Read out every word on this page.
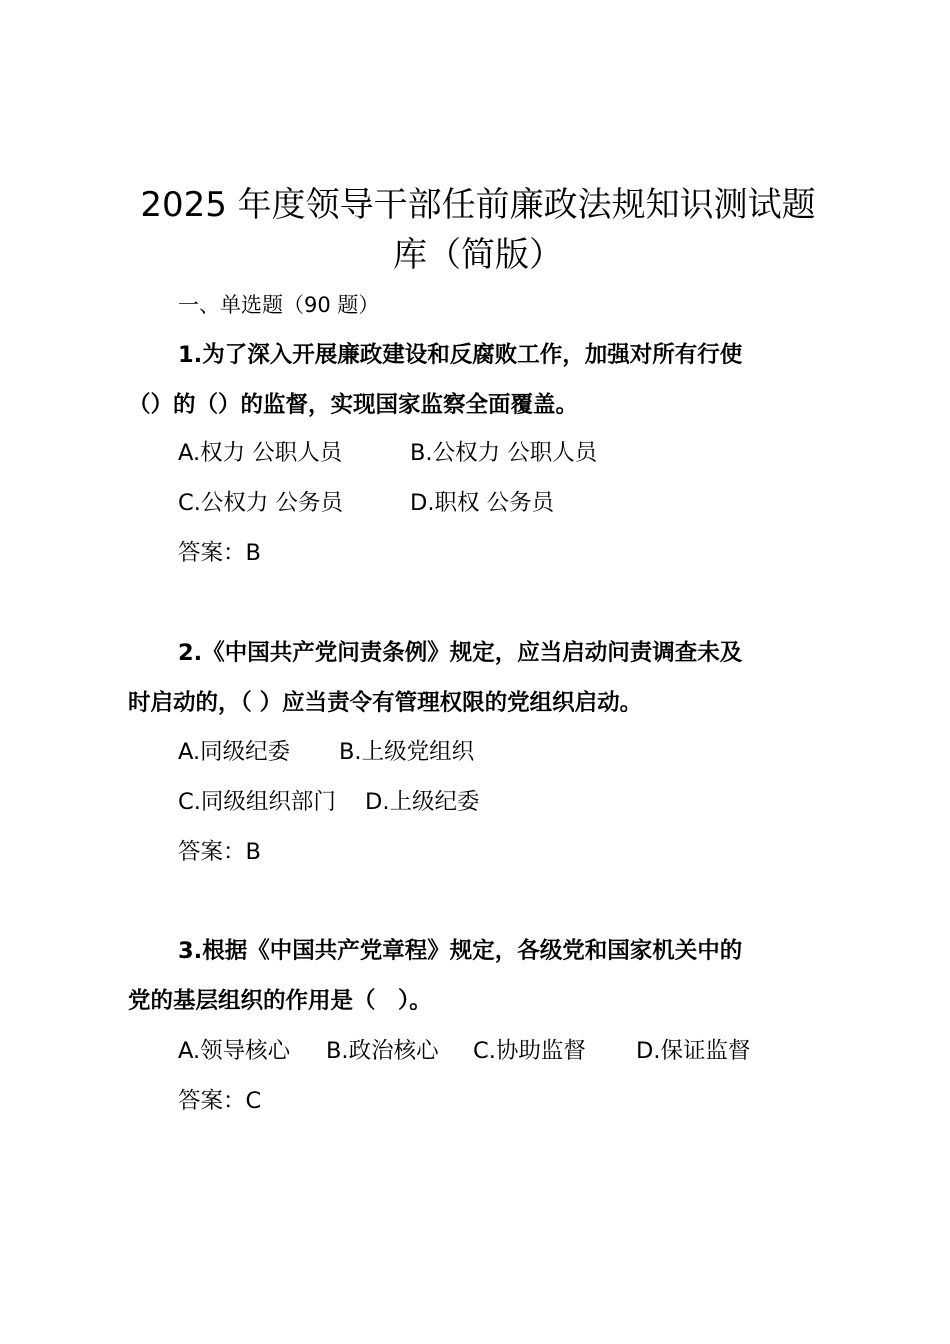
2025 年度领导干部任前廉政法规知识测试题
库（简版）
一、单选题（90 题）
1.为了深入开展廉政建设和反腐败工作，加强对所有行使
（）的（）的监督，实现国家监察全面覆盖。
A.权力 公职人员	B.公权力 公职人员
C.公权力 公务员	D.职权 公务员
答案：B
2.《中国共产党问责条例》规定，应当启动问责调查未及
时启动的，（ ）应当责令有管理权限的党组织启动。
A.同级纪委 B.上级党组织
C.同级组织部门 D.上级纪委
答案：B
3.根据《中国共产党章程》规定，各级党和国家机关中的
党的基层组织的作用是（　）。
A.领导核心 B.政治核心 C.协助监督 D.保证监督
答案：C
